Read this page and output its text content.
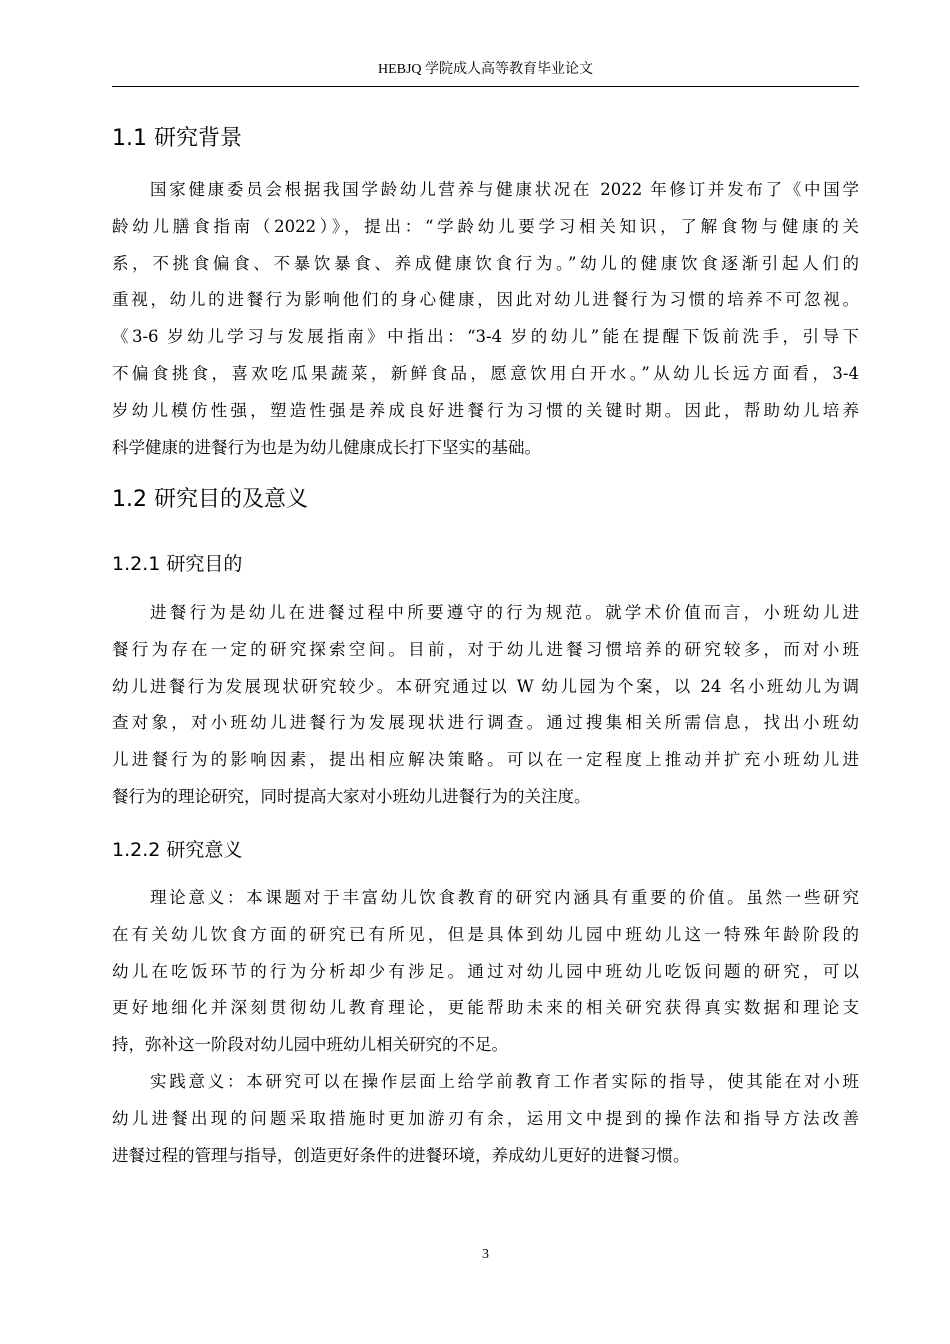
HEBJQ 学院成人高等教育毕业论文
1.1 研究背景
国家健康委员会根据我国学龄幼儿营养与健康状况在 2022 年修订并发布了《中国学
龄幼儿膳食指南（2022）》，提出：“学龄幼儿要学习相关知识，了解食物与健康的关
系，不挑食偏食、不暴饮暴食、养成健康饮食行为。”幼儿的健康饮食逐渐引起人们的
重视，幼儿的进餐行为影响他们的身心健康，因此对幼儿进餐行为习惯的培养不可忽视。
《3-6 岁幼儿学习与发展指南》中指出：“3-4 岁的幼儿”能在提醒下饭前洗手，引导下
不偏食挑食，喜欢吃瓜果蔬菜，新鲜食品，愿意饮用白开水。”从幼儿长远方面看，3-4
岁幼儿模仿性强，塑造性强是养成良好进餐行为习惯的关键时期。因此，帮助幼儿培养
科学健康的进餐行为也是为幼儿健康成长打下坚实的基础。
1.2 研究目的及意义
1.2.1 研究目的
进餐行为是幼儿在进餐过程中所要遵守的行为规范。就学术价值而言，小班幼儿进
餐行为存在一定的研究探索空间。目前，对于幼儿进餐习惯培养的研究较多，而对小班
幼儿进餐行为发展现状研究较少。本研究通过以 W 幼儿园为个案，以 24 名小班幼儿为调
查对象，对小班幼儿进餐行为发展现状进行调查。通过搜集相关所需信息，找出小班幼
儿进餐行为的影响因素，提出相应解决策略。可以在一定程度上推动并扩充小班幼儿进
餐行为的理论研究，同时提高大家对小班幼儿进餐行为的关注度。
1.2.2 研究意义
理论意义：本课题对于丰富幼儿饮食教育的研究内涵具有重要的价值。虽然一些研究
在有关幼儿饮食方面的研究已有所见，但是具体到幼儿园中班幼儿这一特殊年龄阶段的
幼儿在吃饭环节的行为分析却少有涉足。通过对幼儿园中班幼儿吃饭问题的研究，可以
更好地细化并深刻贯彻幼儿教育理论，更能帮助未来的相关研究获得真实数据和理论支
持，弥补这一阶段对幼儿园中班幼儿相关研究的不足。
实践意义：本研究可以在操作层面上给学前教育工作者实际的指导，使其能在对小班
幼儿进餐出现的问题采取措施时更加游刃有余，运用文中提到的操作法和指导方法改善
进餐过程的管理与指导，创造更好条件的进餐环境，养成幼儿更好的进餐习惯。
3
